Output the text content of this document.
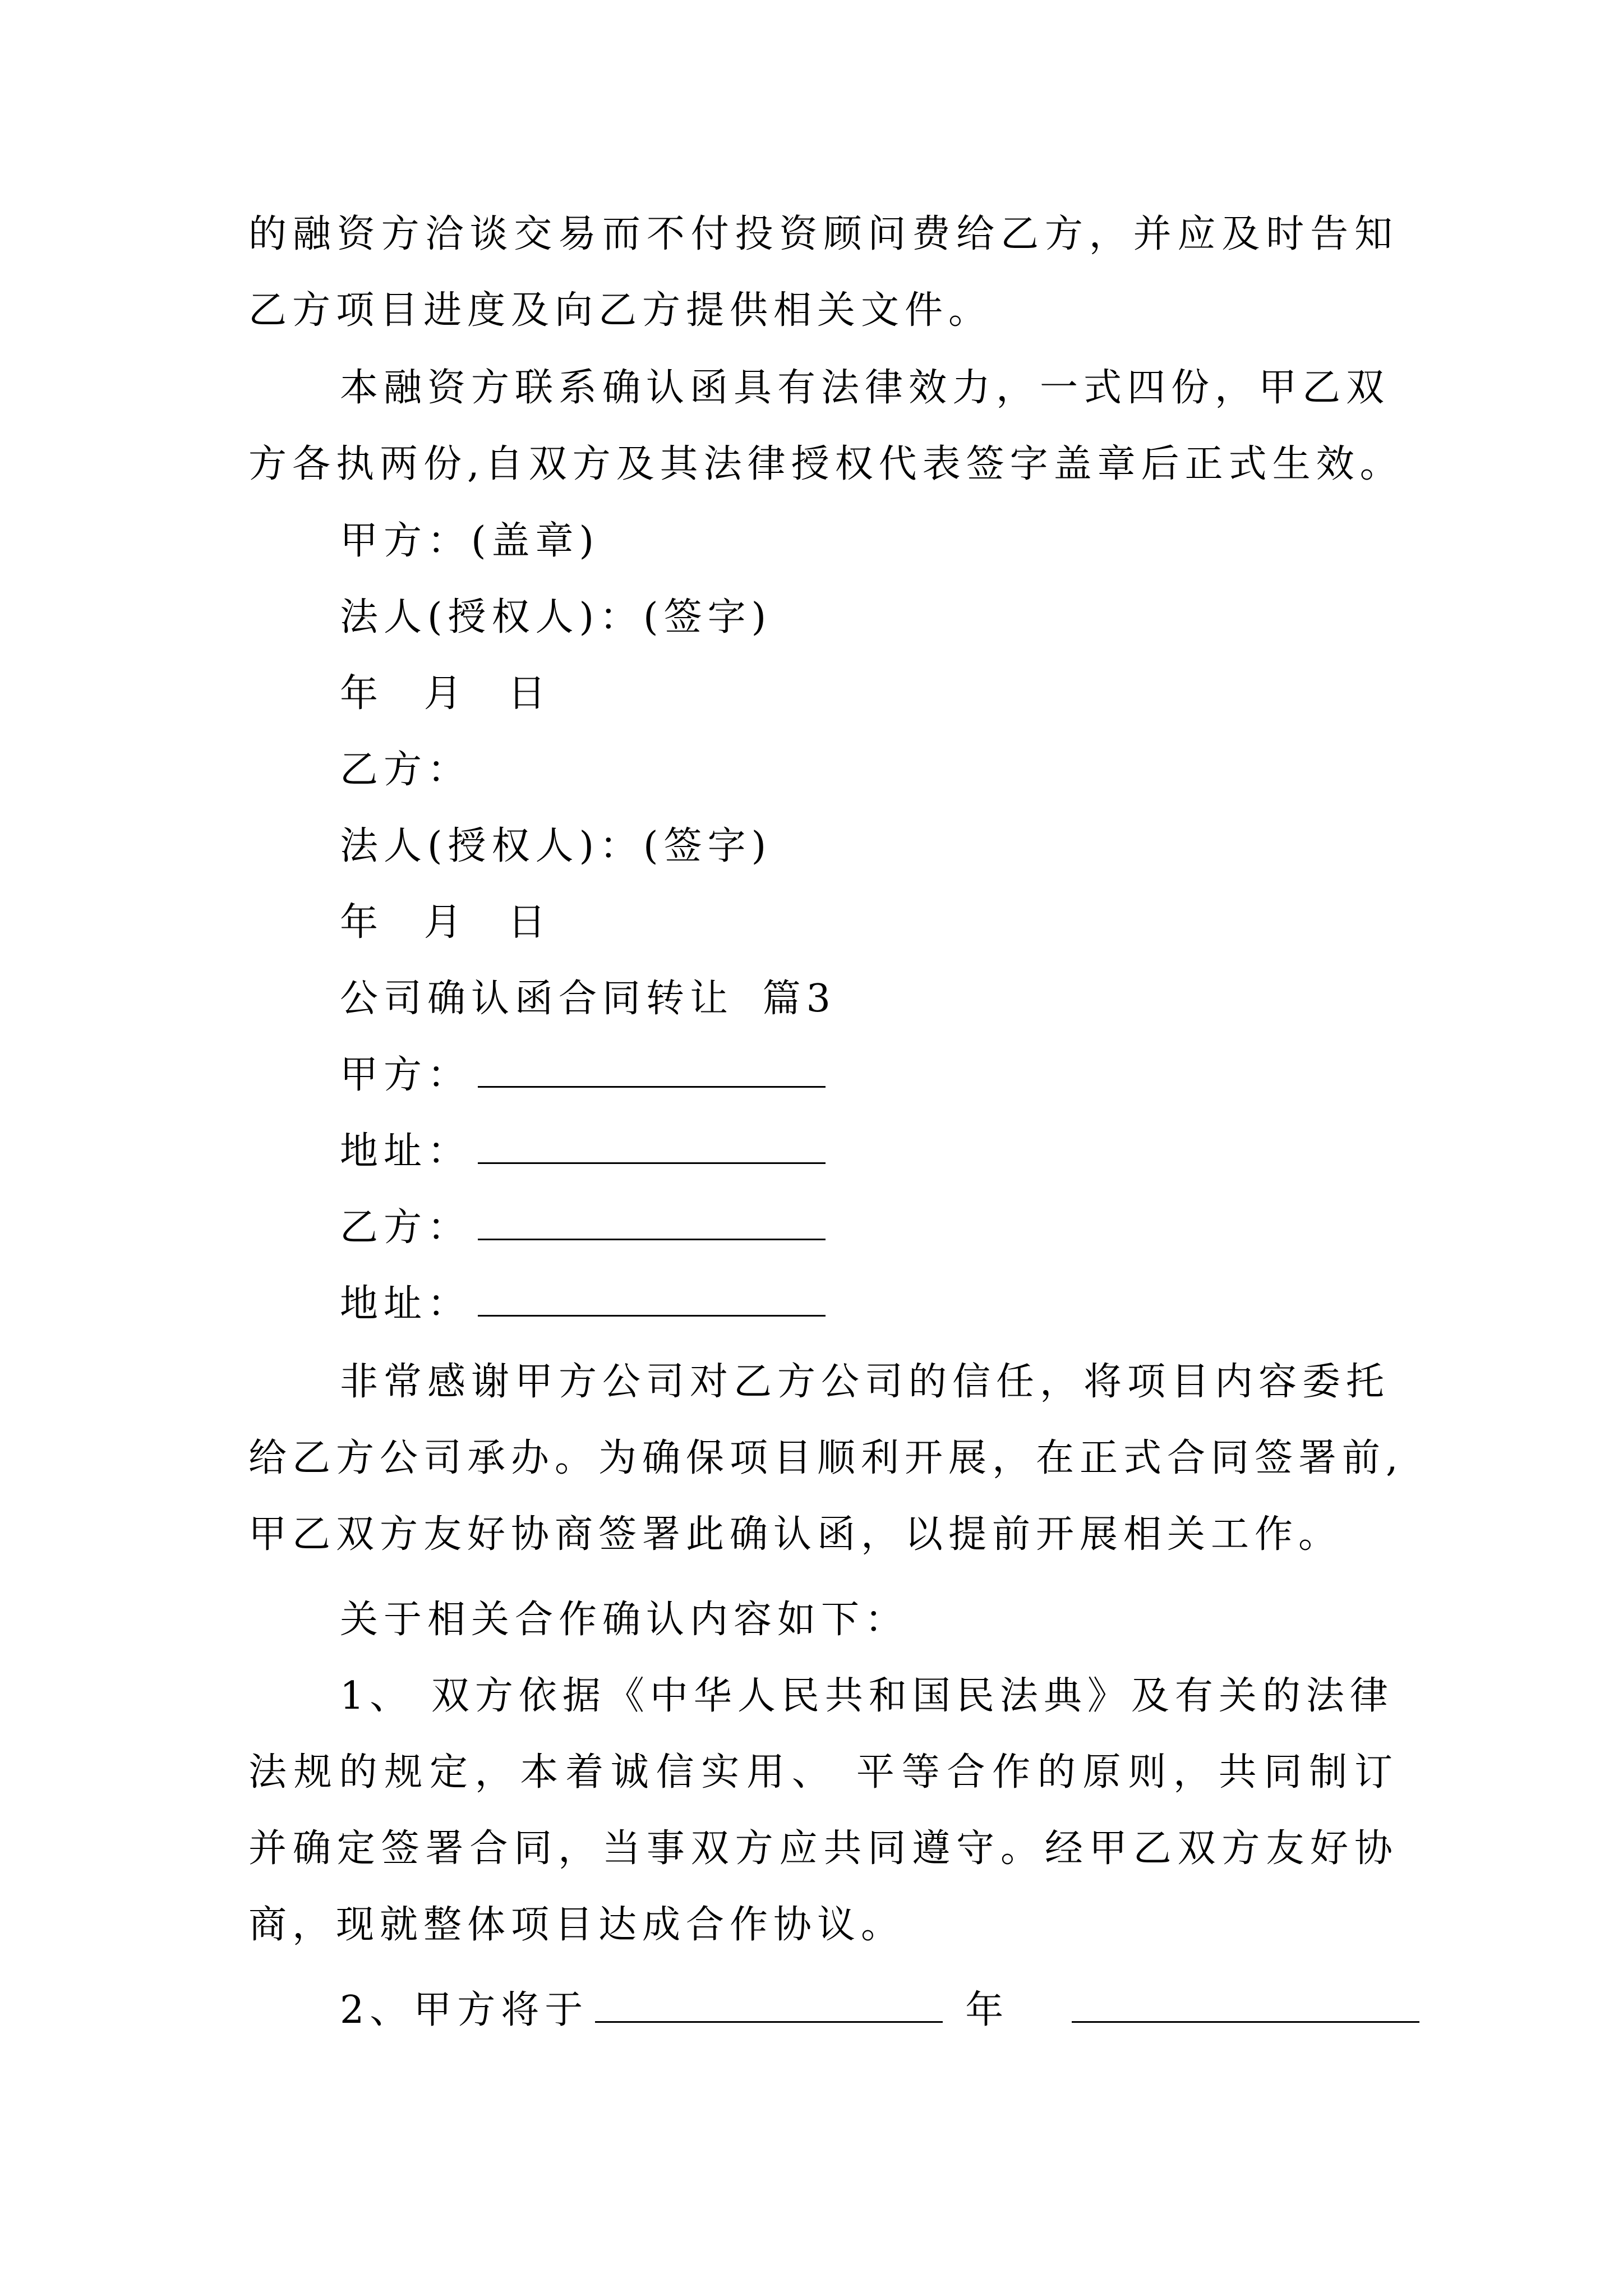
的融资方洽谈交易而不付投资顾问费给乙方，并应及时告知
乙方项目进度及向乙方提供相关文件。
本融资方联系确认函具有法律效力，一式四份，甲乙双
方各执两份,自双方及其法律授权代表签字盖章后正式生效。
甲方：(盖章)
法人(授权人)：(签字)
年 月 日
乙方：
法人(授权人)：(签字)
年 月 日
公司确认函合同转让 篇3
甲方：
地址：
乙方：
地址：
非常感谢甲方公司对乙方公司的信任，将项目内容委托
给乙方公司承办。为确保项目顺利开展，在正式合同签署前,
甲乙双方友好协商签署此确认函，以提前开展相关工作。
关于相关合作确认内容如下：
1、 双方依据《中华人民共和国民法典》及有关的法律
法规的规定，本着诚信实用、 平等合作的原则，共同制订
并确定签署合同，当事双方应共同遵守。经甲乙双方友好协
商，现就整体项目达成合作协议。
2、甲方将于	年
